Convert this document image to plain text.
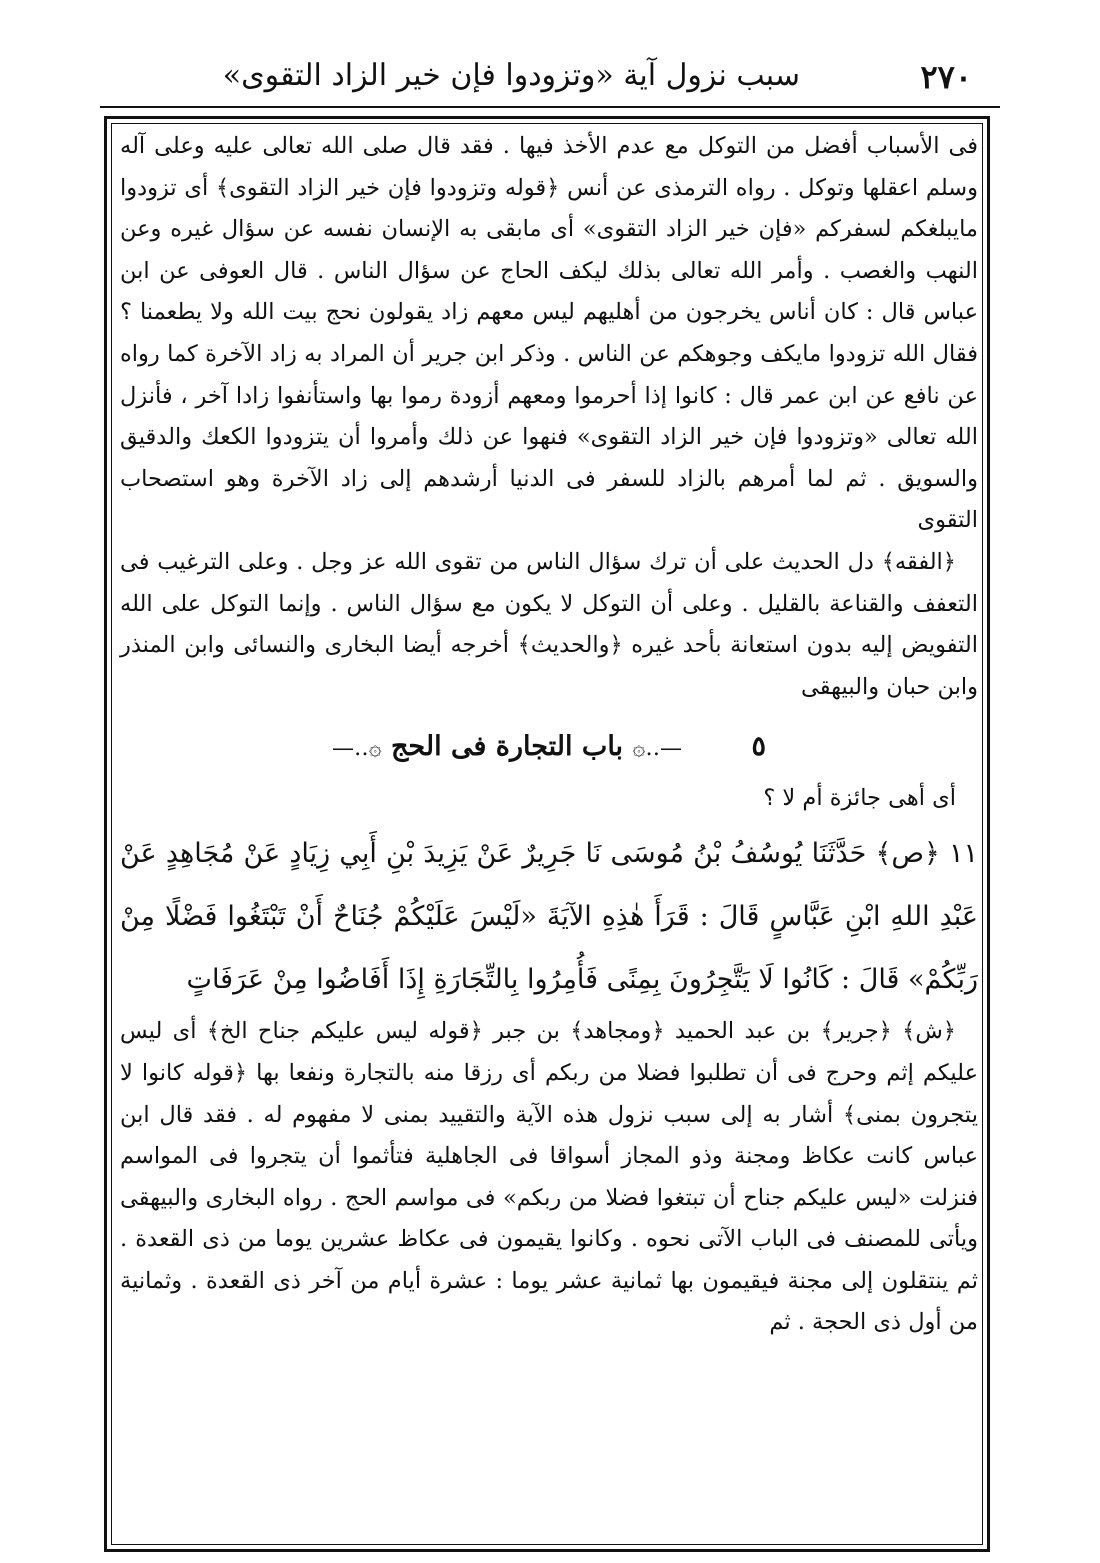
٢٧٠
سبب نزول آية «وتزودوا فإن خير الزاد التقوى»

فى الأسباب أفضل من التوكل مع عدم الأخذ فيها . فقد قال صلى الله تعالى عليه وعلى آله وسلم اعقلها وتوكل . رواه الترمذى عن أنس ﴿قوله وتزودوا فإن خير الزاد التقوى﴾ أى تزودوا مايبلغكم لسفركم «فإن خير الزاد التقوى» أى مابقى به الإنسان نفسه عن سؤال غيره وعن النهب والغصب . وأمر الله تعالى بذلك ليكف الحاج عن سؤال الناس . قال العوفى عن ابن عباس قال : كان أناس يخرجون من أهليهم ليس معهم زاد يقولون نحج بيت الله ولا يطعمنا ؟ فقال الله تزودوا مايكف وجوهكم عن الناس . وذكر ابن جرير أن المراد به زاد الآخرة كما رواه عن نافع عن ابن عمر قال : كانوا إذا أحرموا ومعهم أزودة رموا بها واستأنفوا زادا آخر ، فأنزل الله تعالى «وتزودوا فإن خير الزاد التقوى» فنهوا عن ذلك وأمروا أن يتزودوا الكعك والدقيق والسويق . ثم لما أمرهم بالزاد للسفر فى الدنيا أرشدهم إلى زاد الآخرة وهو استصحاب التقوى

﴿الفقه﴾ دل الحديث على أن ترك سؤال الناس من تقوى الله عز وجل . وعلى الترغيب فى التعفف والقناعة بالقليل . وعلى أن التوكل لا يكون مع سؤال الناس . وإنما التوكل على الله التفويض إليه بدون استعانة بأحد غيره ﴿والحديث﴾ أخرجه أيضا البخارى والنسائى وابن المنذر وابن حبان والبيهقى

٥ —‥۞ باب التجارة فى الحج ۞‥—

أى أهى جائزة أم لا ؟

١١ ﴿ص﴾ حَدَّثَنَا يُوسُفُ بْنُ مُوسَى نَا جَرِيرٌ عَنْ يَزِيدَ بْنِ أَبِي زِيَادٍ عَنْ مُجَاهِدٍ عَنْ عَبْدِ اللهِ ابْنِ عَبَّاسٍ قَالَ : قَرَأَ هٰذِهِ الآيَةَ «لَيْسَ عَلَيْكُمْ جُنَاحٌ أَنْ تَبْتَغُوا فَضْلًا مِنْ رَبِّكُمْ» قَالَ : كَانُوا لَا يَتَّجِرُونَ بِمِنًى فَأُمِرُوا بِالتِّجَارَةِ إِذَا أَفَاضُوا مِنْ عَرَفَاتٍ

﴿ش﴾ ﴿جرير﴾ بن عبد الحميد ﴿ومجاهد﴾ بن جبر ﴿قوله ليس عليكم جناح الخ﴾ أى ليس عليكم إثم وحرج فى أن تطلبوا فضلا من ربكم أى رزقا منه بالتجارة ونفعا بها ﴿قوله كانوا لا يتجرون بمنى﴾ أشار به إلى سبب نزول هذه الآية والتقييد بمنى لا مفهوم له . فقد قال ابن عباس كانت عكاظ ومجنة وذو المجاز أسواقا فى الجاهلية فتأثموا أن يتجروا فى المواسم فنزلت «ليس عليكم جناح أن تبتغوا فضلا من ربكم» فى مواسم الحج . رواه البخارى والبيهقى ويأتى للمصنف فى الباب الآتى نحوه . وكانوا يقيمون فى عكاظ عشرين يوما من ذى القعدة . ثم ينتقلون إلى مجنة فيقيمون بها ثمانية عشر يوما : عشرة أيام من آخر ذى القعدة . وثمانية من أول ذى الحجة . ثم
